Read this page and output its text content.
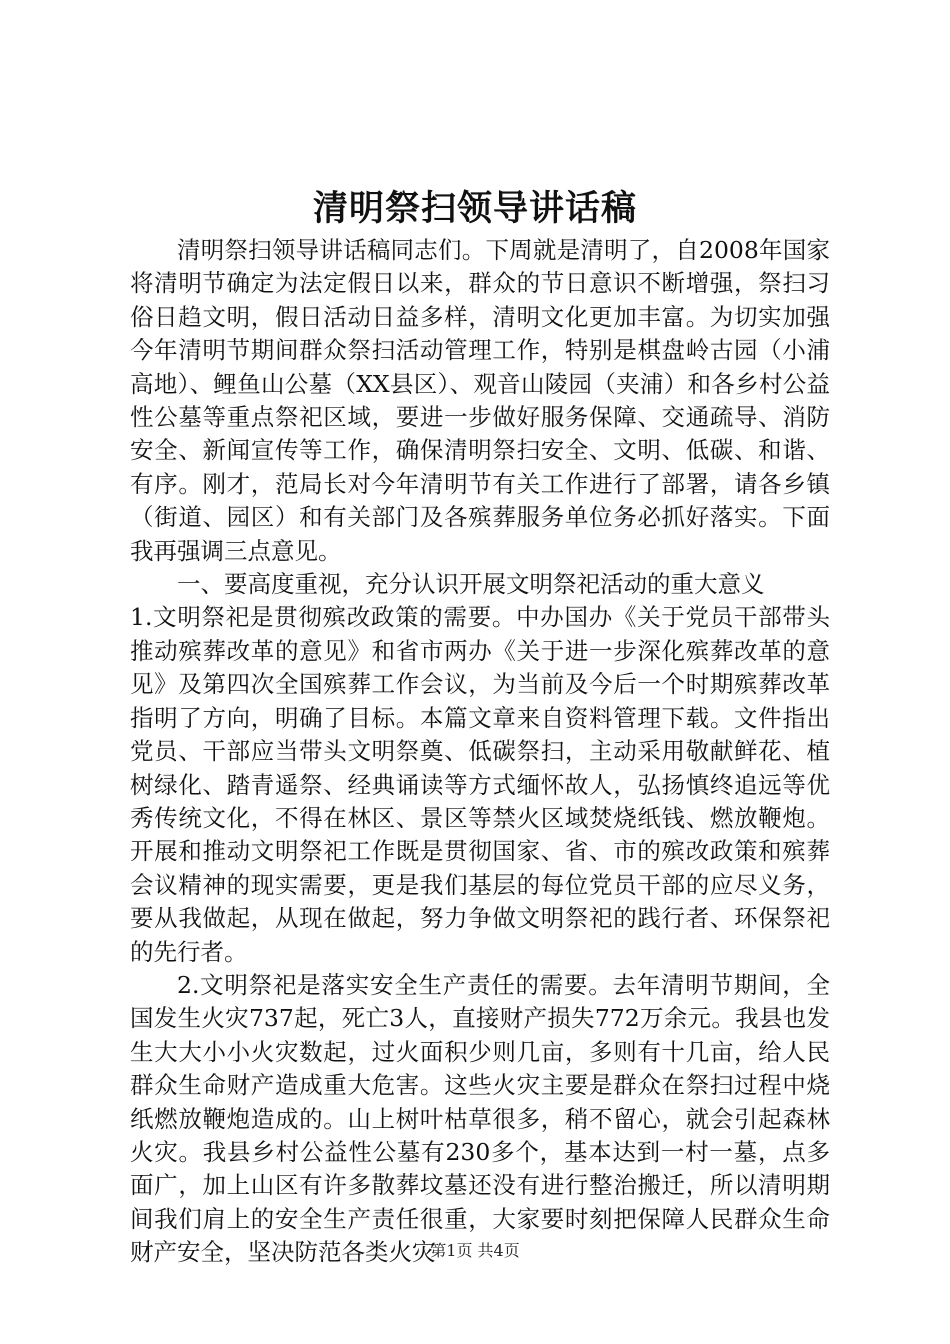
清明祭扫领导讲话稿

清明祭扫领导讲话稿同志们。下周就是清明了，自2008年国家将清明节确定为法定假日以来，群众的节日意识不断增强，祭扫习俗日趋文明，假日活动日益多样，清明文化更加丰富。为切实加强今年清明节期间群众祭扫活动管理工作，特别是棋盘岭古园（小浦高地）、鲤鱼山公墓（XX县区）、观音山陵园（夹浦）和各乡村公益性公墓等重点祭祀区域，要进一步做好服务保障、交通疏导、消防安全、新闻宣传等工作，确保清明祭扫安全、文明、低碳、和谐、有序。刚才，范局长对今年清明节有关工作进行了部署，请各乡镇（街道、园区）和有关部门及各殡葬服务单位务必抓好落实。下面我再强调三点意见。

一、要高度重视，充分认识开展文明祭祀活动的重大意义

1.文明祭祀是贯彻殡改政策的需要。中办国办《关于党员干部带头推动殡葬改革的意见》和省市两办《关于进一步深化殡葬改革的意见》及第四次全国殡葬工作会议，为当前及今后一个时期殡葬改革指明了方向，明确了目标。本篇文章来自资料管理下载。文件指出党员、干部应当带头文明祭奠、低碳祭扫，主动采用敬献鲜花、植树绿化、踏青遥祭、经典诵读等方式缅怀故人，弘扬慎终追远等优秀传统文化，不得在林区、景区等禁火区域焚烧纸钱、燃放鞭炮。开展和推动文明祭祀工作既是贯彻国家、省、市的殡改政策和殡葬会议精神的现实需要，更是我们基层的每位党员干部的应尽义务，要从我做起，从现在做起，努力争做文明祭祀的践行者、环保祭祀的先行者。

2.文明祭祀是落实安全生产责任的需要。去年清明节期间，全国发生火灾737起，死亡3人，直接财产损失772万余元。我县也发生大大小小火灾数起，过火面积少则几亩，多则有十几亩，给人民群众生命财产造成重大危害。这些火灾主要是群众在祭扫过程中烧纸燃放鞭炮造成的。山上树叶枯草很多，稍不留心，就会引起森林火灾。我县乡村公益性公墓有230多个，基本达到一村一墓，点多面广，加上山区有许多散葬坟墓还没有进行整治搬迁，所以清明期间我们肩上的安全生产责任很重，大家要时刻把保障人民群众生命财产安全，坚决防范各类火灾

第1页 共4页
